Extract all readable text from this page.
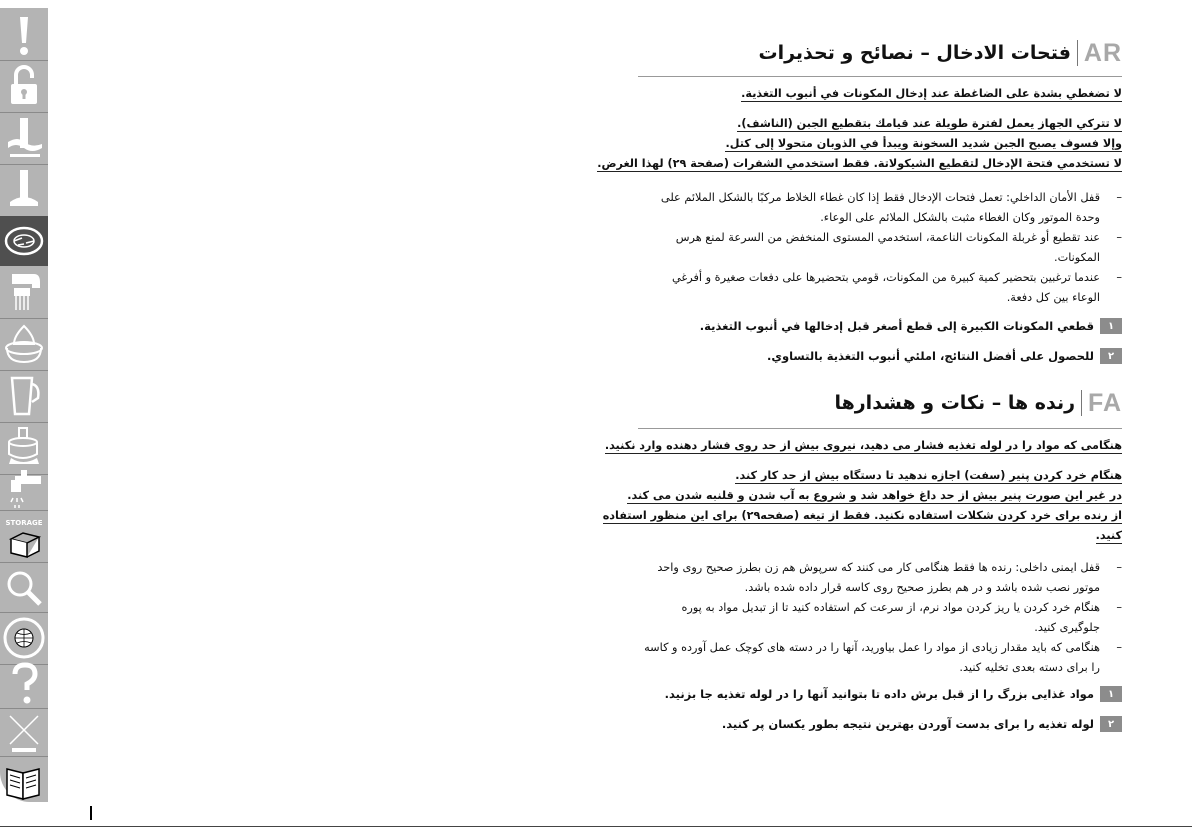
STORAGE
فتحات الادخال – نصائح و تحذيرات AR
لا تضغطي بشدة على الضاغطة عند إدخال المكونات في أنبوب التغذية.
لا تتركي الجهاز يعمل لفترة طويلة عند قيامك بتقطيع الجبن (الناشف).
وإلا فسوف يصبح الجبن شديد السخونة ويبدأ في الذوبان متحولا إلى كتل.
لا تستخدمي فتحة الإدخال لتقطيع الشيكولاتة. فقط استخدمي الشفرات (صفحة ٢٩) لهذا الغرض.
–
قفل الأمان الداخلي: تعمل فتحات الإدخال فقط إذا كان غطاء الخلاط مركبًا بالشكل الملائم على وحدة الموتور وكان الغطاء مثبت بالشكل الملائم على الوعاء.
–
عند تقطيع أو غربلة المكونات الناعمة، استخدمي المستوى المنخفض من السرعة لمنع هرس المكونات.
–
عندما ترغبين بتحضير كمية كبيرة من المكونات، قومي بتحضيرها على دفعات صغيرة و أفرغي الوعاء بين كل دفعة.
١
قطعي المكونات الكبيرة إلى قطع أصغر قبل إدخالها في أنبوب التغذية.
٢
للحصول على أفضل النتائج، املئي أنبوب التغذية بالتساوي.
رنده ها – نکات و هشدارها FA
هنگامی که مواد را در لوله تغذیه فشار می دهید، نیروی بیش از حد روی فشار دهنده وارد نکنید.
هنگام خرد کردن پنیر (سفت) اجازه ندهید تا دستگاه بیش از حد کار کند.
در غیر این صورت پنیر بیش از حد داغ خواهد شد و شروع به آب شدن و قلنبه شدن می کند.
از رنده برای خرد کردن شکلات استفاده نکنید. فقط از تیغه (صفحه۲۹) برای این منظور استفاده
کنید.
–
قفل ایمنی داخلی: رنده ها فقط هنگامی کار می کنند که سرپوش هم زن بطرز صحیح روی واحد موتور نصب شده باشد و در هم بطرز صحیح روی کاسه قرار داده شده باشد.
–
هنگام خرد کردن یا ریز کردن مواد نرم، از سرعت کم استفاده کنید تا از تبدیل مواد به پوره جلوگیری کنید.
–
هنگامی که باید مقدار زیادی از مواد را عمل بیاورید، آنها را در دسته های کوچک عمل آورده و کاسه را برای دسته بعدی تخلیه کنید.
١
مواد غذایی بزرگ را از قبل برش داده تا بتوانید آنها را در لوله تغذیه جا بزنید.
٢
لوله تغذیه را برای بدست آوردن بهترین نتیجه بطور یکسان پر کنید.
